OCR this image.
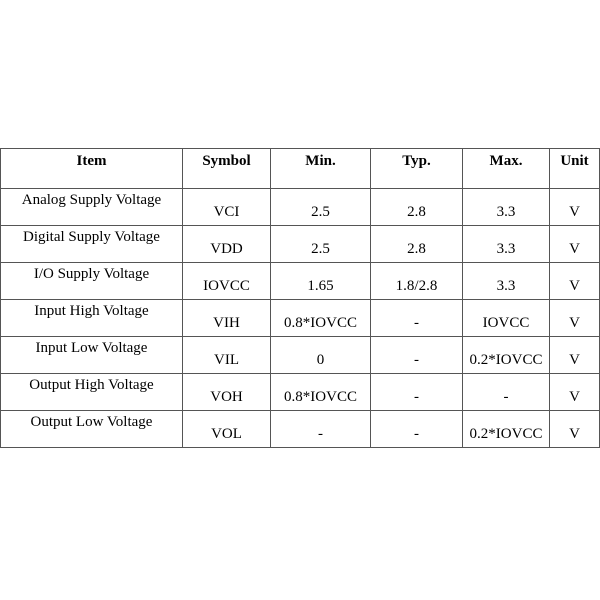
Item	Symbol	Min.	Typ.	Max.	Unit
Analog Supply Voltage	VCI	2.5	2.8	3.3	V
Digital Supply Voltage	VDD	2.5	2.8	3.3	V
I/O Supply Voltage	IOVCC	1.65	1.8/2.8	3.3	V
Input High Voltage	VIH	0.8*IOVCC	-	IOVCC	V
Input Low Voltage	VIL	0	-	0.2*IOVCC	V
Output High Voltage	VOH	0.8*IOVCC	-	-	V
Output Low Voltage	VOL	-	-	0.2*IOVCC	V
